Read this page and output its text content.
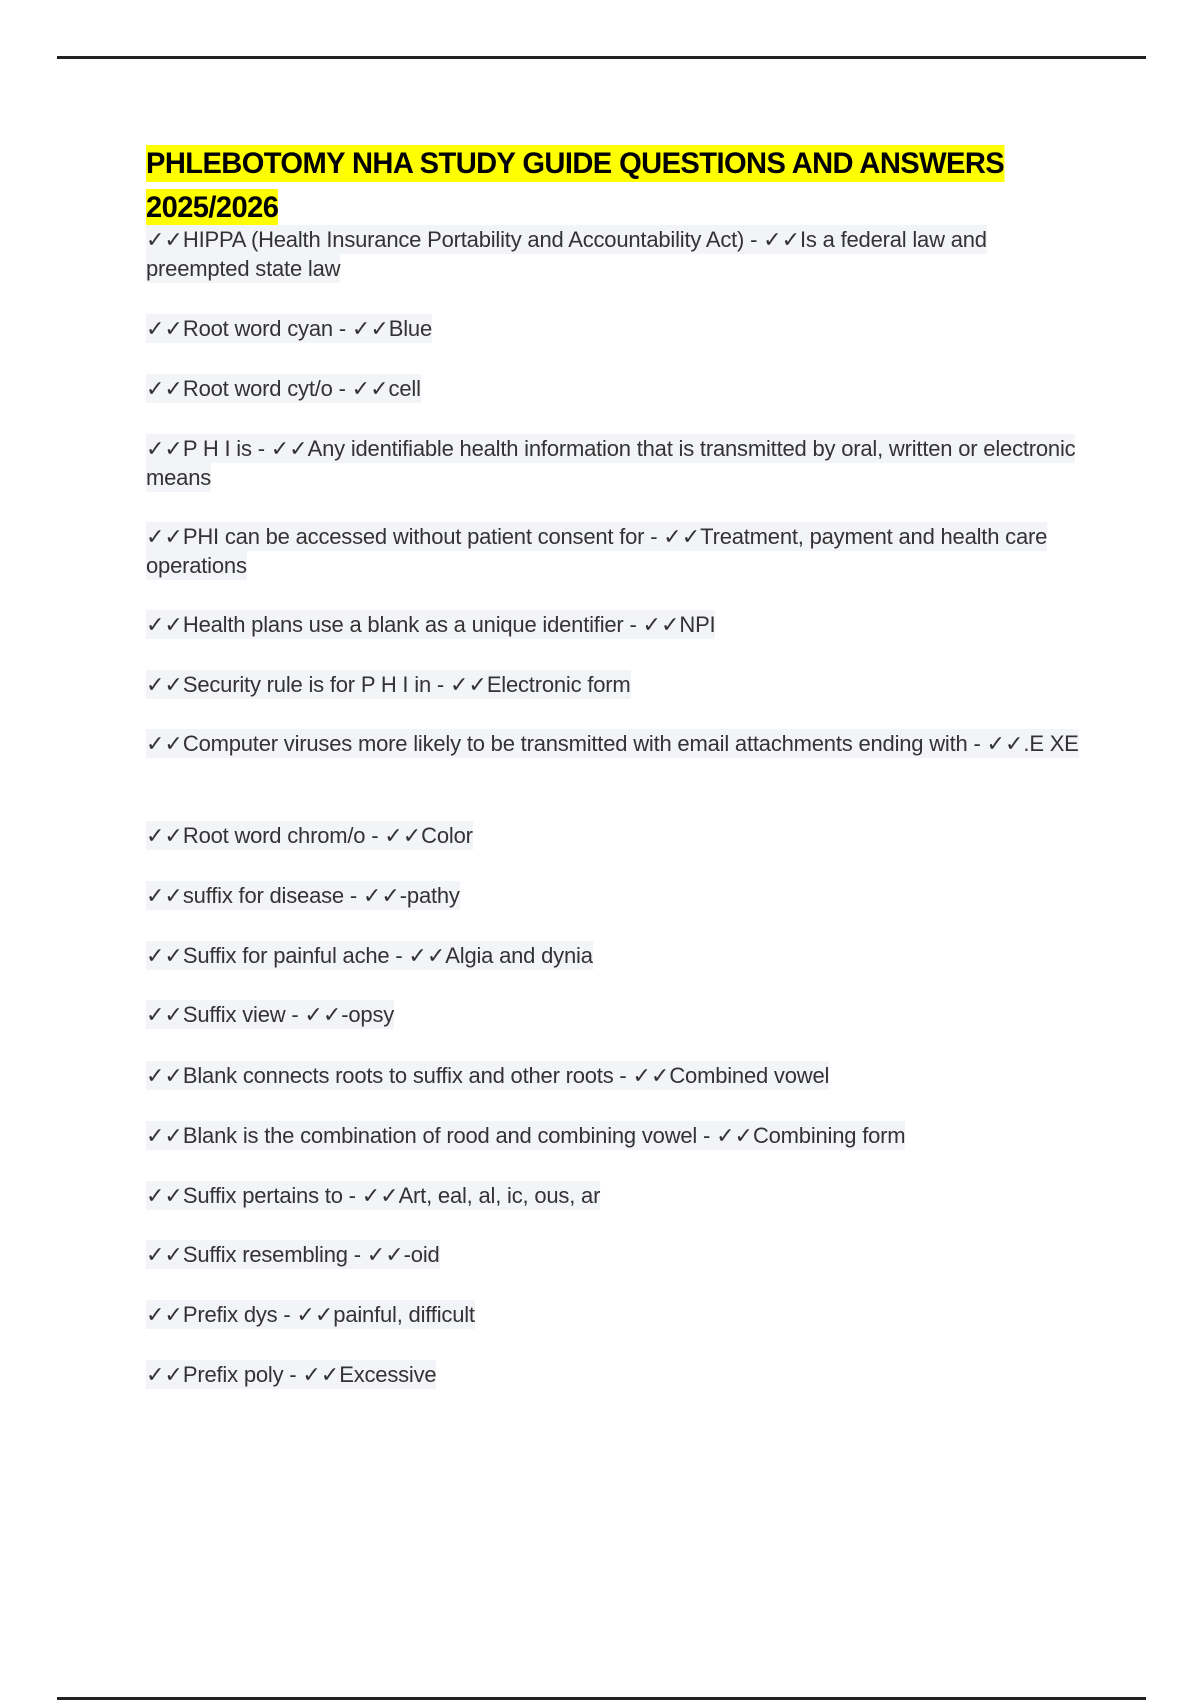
PHLEBOTOMY NHA STUDY GUIDE QUESTIONS AND ANSWERS 2025/2026

✓✓HIPPA (Health Insurance Portability and Accountability Act) - ✓✓Is a federal law and preempted state law

✓✓Root word cyan - ✓✓Blue

✓✓Root word cyt/o - ✓✓cell

✓✓P H I is - ✓✓Any identifiable health information that is transmitted by oral, written or electronic means

✓✓PHI can be accessed without patient consent for - ✓✓Treatment, payment and health care operations

✓✓Health plans use a blank as a unique identifier - ✓✓NPI

✓✓Security rule is for P H I in - ✓✓Electronic form

✓✓Computer viruses more likely to be transmitted with email attachments ending with - ✓✓.E XE

✓✓Root word chrom/o - ✓✓Color

✓✓suffix for disease - ✓✓-pathy

✓✓Suffix for painful ache - ✓✓Algia and dynia

✓✓Suffix view - ✓✓-opsy

✓✓Blank connects roots to suffix and other roots - ✓✓Combined vowel

✓✓Blank is the combination of rood and combining vowel - ✓✓Combining form

✓✓Suffix pertains to - ✓✓Art, eal, al, ic, ous, ar

✓✓Suffix resembling - ✓✓-oid

✓✓Prefix dys - ✓✓painful, difficult

✓✓Prefix poly - ✓✓Excessive
